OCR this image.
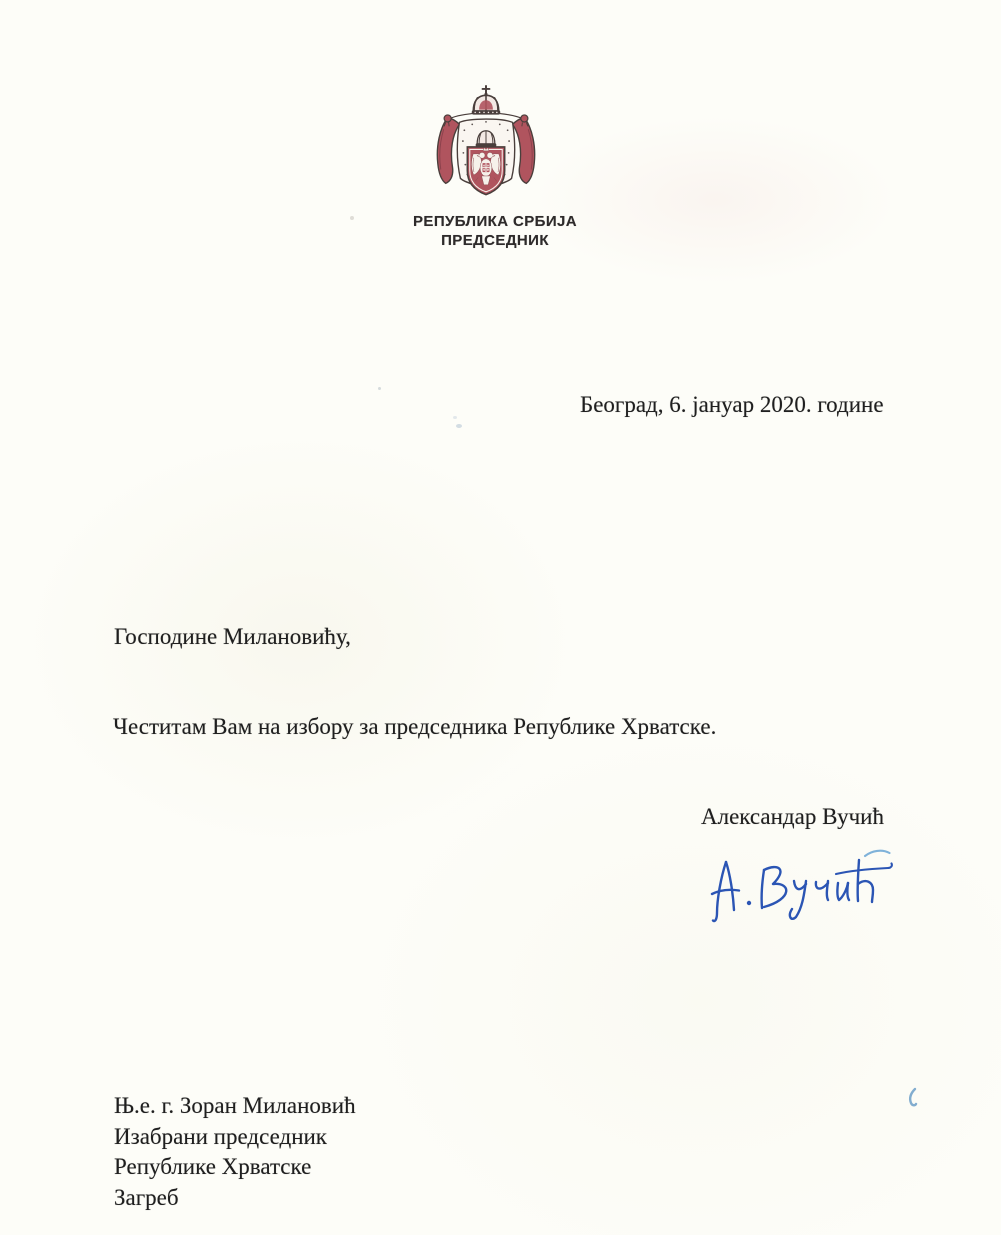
РЕПУБЛИКА СРБИЈА
ПРЕДСЕДНИК
Београд, 6. јануар 2020. године
Господине Милановићу,
Честитам Вам на избору за председника Републике Хрватске.
Александар Вучић
Њ.е. г. Зоран Милановић
Изабрани председник
Републике Хрватске
Загреб
